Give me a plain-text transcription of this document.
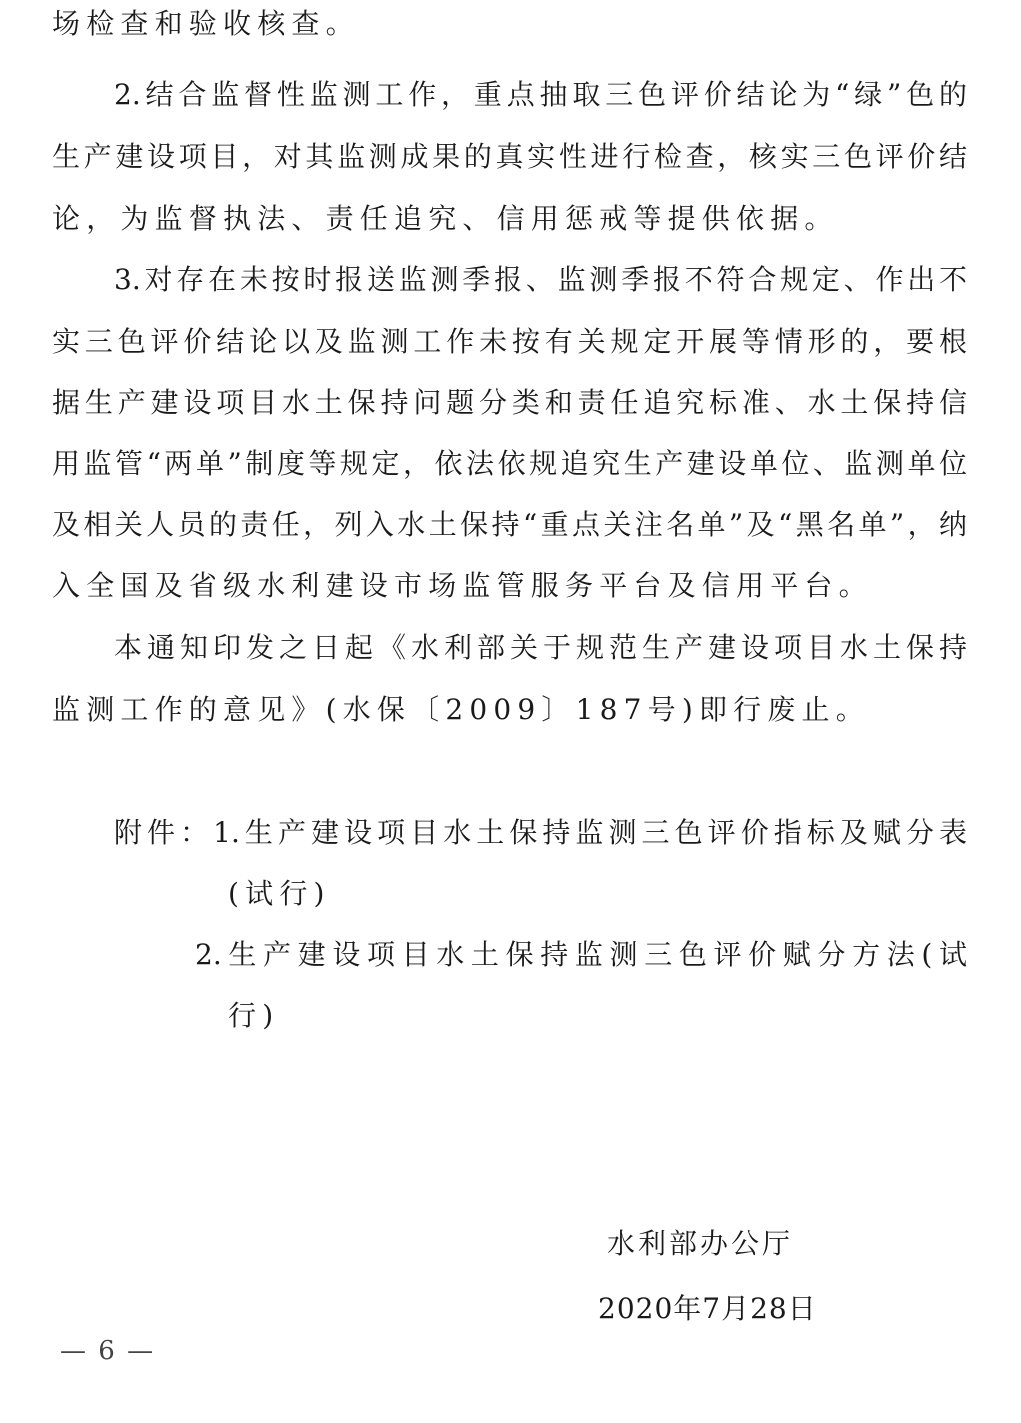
场检查和验收核查。
2.结合监督性监测工作，重点抽取三色评价结论为“绿”色的
生产建设项目，对其监测成果的真实性进行检查，核实三色评价结
论，为监督执法、责任追究、信用惩戒等提供依据。
3.对存在未按时报送监测季报、监测季报不符合规定、作出不
实三色评价结论以及监测工作未按有关规定开展等情形的，要根
据生产建设项目水土保持问题分类和责任追究标准、水土保持信
用监管“两单”制度等规定，依法依规追究生产建设单位、监测单位
及相关人员的责任，列入水土保持“重点关注名单”及“黑名单”，纳
入全国及省级水利建设市场监管服务平台及信用平台。
本通知印发之日起《水利部关于规范生产建设项目水土保持
监测工作的意见》(水保〔2009〕187号)即行废止。
附件：1.生产建设项目水土保持监测三色评价指标及赋分表
(试行)
2.生产建设项目水土保持监测三色评价赋分方法(试
行)
水利部办公厅
2020年7月28日
— 6 —
